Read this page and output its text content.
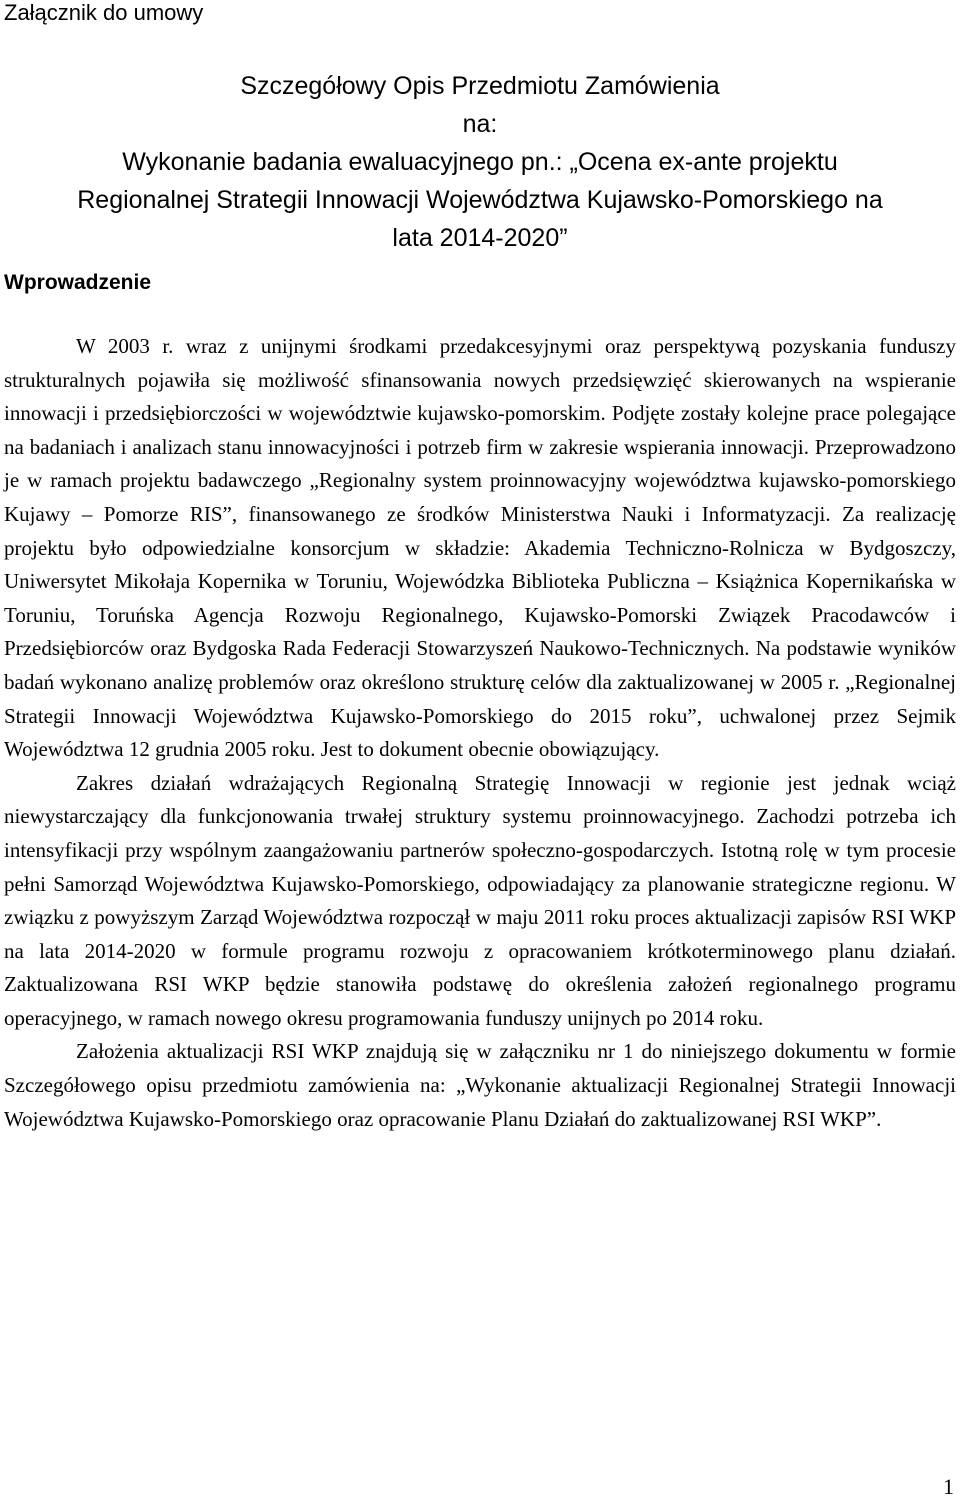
Załącznik do umowy
Szczegółowy Opis Przedmiotu Zamówienia
na:
Wykonanie badania ewaluacyjnego pn.: „Ocena ex-ante projektu
Regionalnej Strategii Innowacji Województwa Kujawsko-Pomorskiego na
lata 2014-2020”
Wprowadzenie

W 2003 r. wraz z unijnymi środkami przedakcesyjnymi oraz perspektywą pozyskania funduszy strukturalnych pojawiła się możliwość sfinansowania nowych przedsięwzięć skierowanych na wspieranie innowacji i przedsiębiorczości w województwie kujawsko-pomorskim. Podjęte zostały kolejne prace polegające na badaniach i analizach stanu innowacyjności i potrzeb firm w zakresie wspierania innowacji. Przeprowadzono je w ramach projektu badawczego „Regionalny system proinnowacyjny województwa kujawsko-pomorskiego Kujawy – Pomorze RIS”, finansowanego ze środków Ministerstwa Nauki i Informatyzacji. Za realizację projektu było odpowiedzialne konsorcjum w składzie: Akademia Techniczno-Rolnicza w Bydgoszczy, Uniwersytet Mikołaja Kopernika w Toruniu, Wojewódzka Biblioteka Publiczna – Książnica Kopernikańska w Toruniu, Toruńska Agencja Rozwoju Regionalnego, Kujawsko-Pomorski Związek Pracodawców i Przedsiębiorców oraz Bydgoska Rada Federacji Stowarzyszeń Naukowo-Technicznych. Na podstawie wyników badań wykonano analizę problemów oraz określono strukturę celów dla zaktualizowanej w 2005 r. „Regionalnej Strategii Innowacji Województwa Kujawsko-Pomorskiego do 2015 roku”, uchwalonej przez Sejmik Województwa 12 grudnia 2005 roku. Jest to dokument obecnie obowiązujący.

Zakres działań wdrażających Regionalną Strategię Innowacji w regionie jest jednak wciąż niewystarczający dla funkcjonowania trwałej struktury systemu proinnowacyjnego. Zachodzi potrzeba ich intensyfikacji przy wspólnym zaangażowaniu partnerów społeczno-gospodarczych. Istotną rolę w tym procesie pełni Samorząd Województwa Kujawsko-Pomorskiego, odpowiadający za planowanie strategiczne regionu. W związku z powyższym Zarząd Województwa rozpoczął w maju 2011 roku proces aktualizacji zapisów RSI WKP na lata 2014-2020 w formule programu rozwoju z opracowaniem krótkoterminowego planu działań. Zaktualizowana RSI WKP będzie stanowiła podstawę do określenia założeń regionalnego programu operacyjnego, w ramach nowego okresu programowania funduszy unijnych po 2014 roku.

Założenia aktualizacji RSI WKP znajdują się w załączniku nr 1 do niniejszego dokumentu w formie Szczegółowego opisu przedmiotu zamówienia na: „Wykonanie aktualizacji Regionalnej Strategii Innowacji Województwa Kujawsko-Pomorskiego oraz opracowanie Planu Działań do zaktualizowanej RSI WKP”.

1
